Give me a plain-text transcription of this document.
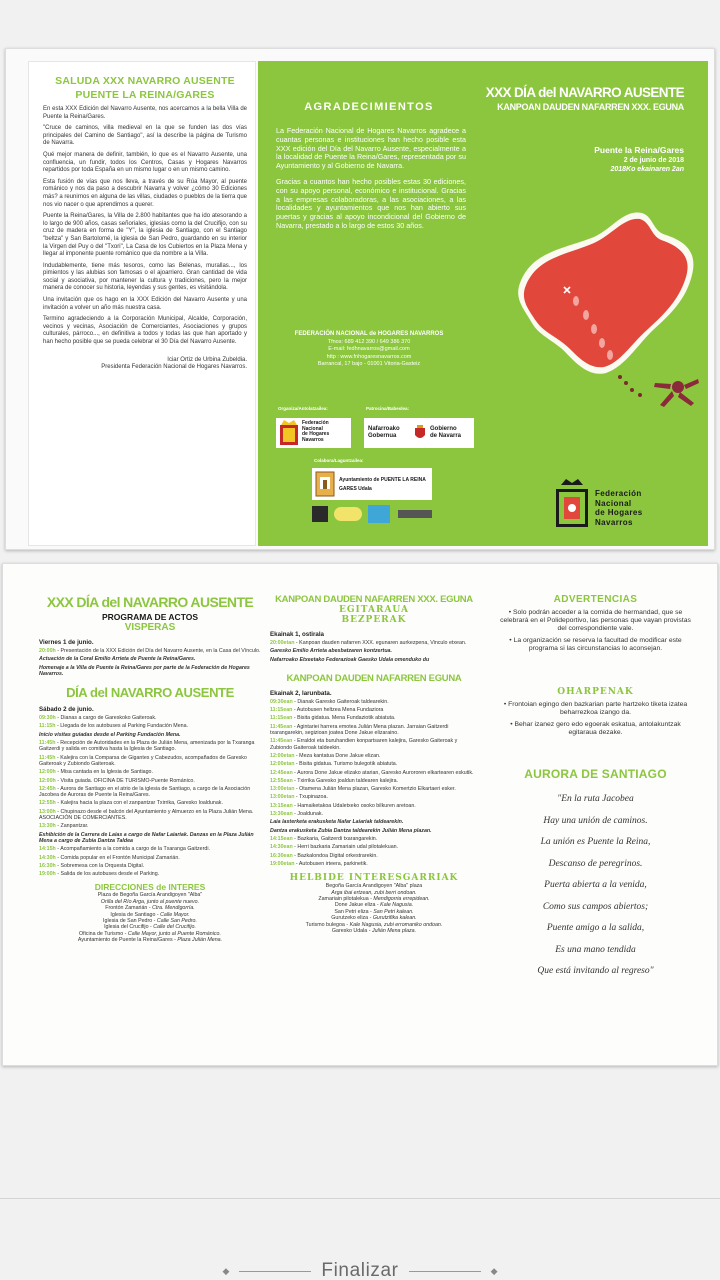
SALUDA XXX NAVARRO AUSENTE
PUENTE LA REINA/GARES

En esta XXX Edición del Navarro Ausente, nos acercamos a la bella Villa de Puente la Reina/Gares.

"Cruce de caminos, villa medieval en la que se funden las dos vías principales del Camino de Santiago", así la describe la página de Turismo de Navarra.

Qué mejor manera de definir, también, lo que es el Navarro Ausente, una confluencia, un fundir, todos los Centros, Casas y Hogares Navarros repartidos por toda España en un mismo lugar o en un mismo camino.

Esta fusión de vías que nos lleva, a través de su Rúa Mayor, al puente románico y nos da paso a descubrir Navarra y volver ¿cómo 30 Ediciones más? a reunirnos en alguna de las villas, ciudades o pueblos de la tierra que nos vio nacer o que aprendimos a querer.

Puente la Reina/Gares, la Villa de 2.800 habitantes que ha ido atesorando a lo largo de 900 años, casas señoriales, iglesias como la del Crucifijo, con su cruz de madera en forma de "Y", la iglesia de Santiago, con el Santiago "beltza" y San Bartolomé, la iglesia de San Pedro, guardando en su interior la Virgen del Puy o del "Txori", La Casa de los Cubiertos en la Plaza Mena y llegar al imponente puente románico que da nombre a la Villa.

Indudablemente, tiene más tesoros, como las Belenas, murallas..., los pimientos y las alubias son famosas o el ajoarriero. Gran cantidad de vida social y asociativa, por mantener la cultura y tradiciones, pero la mejor manera de conocer su historia, leyendas y sus gentes, es visitándola.

Una invitación que os hago en la XXX Edición del Navarro Ausente y una invitación a volver un año más nuestra casa.

Termino agradeciendo a la Corporación Municipal, Alcalde, Corporación, vecinos y vecinas, Asociación de Comerciantes, Asociaciones y grupos culturales, párroco..., en definitiva a todos y todas las que han aportado y han hecho posible que se pueda celebrar el 30 Día del Navarro Ausente.

Iciar Ortiz de Urbina Zubeldia.
Presidenta Federación Nacional de Hogares Navarros.
AGRADECIMIENTOS

La Federación Nacional de Hogares Navarros agradece a cuantas personas e instituciones han hecho posible esta XXX edición del Día del Navarro Ausente, especialmente a la localidad de Puente la Reina/Gares, representada por su Ayuntamiento y al Gobierno de Navarra.

Gracias a cuantos han hecho posibles estas 30 ediciones, con su apoyo personal, económico e institucional. Gracias a las empresas colaboradoras, a las asociaciones, a las localidades y ayuntamientos que nos han abierto sus puertas y gracias al apoyo incondicional del Gobierno de Navarra, prestado a lo largo de estos 30 años.

FEDERACIÓN NACIONAL de HOGARES NAVARROS
Tfnos: 689 412 390 / 649 386 370
E-mail: fedhnavarros@gmail.com
http : www.fnhogaresnavarros.com
Barrancal, 17 bajo - 01001 Vitoria-Gasteiz
Organiza/Antolatzailea:	Patrocina/Babeslea:
Federación
Nacional
de Hogares
Navarros
Nafarroako
Gobernua
Gobierno
de Navarra
Colabora/Laguntzailea:
Ayuntamiento de PUENTE LA REINA
GARES Udala
XXX DÍA del NAVARRO AUSENTE
KANPOAN DAUDEN NAFARREN XXX. EGUNA
Puente la Reina/Gares
2 de junio de 2018
2018Ko ekainaren 2an
Federación
Nacional
de Hogares
Navarros
XXX DÍA del NAVARRO AUSENTE
PROGRAMA DE ACTOS
VISPERAS
Viernes 1 de junio.
20:00h - Presentación de la XXX Edición del Día del Navarro Ausente, en la Casa del Vínculo.
Actuación de la Coral Emilio Arrieta de Puente la Reina/Gares.
Homenaje a la Villa de Puente la Reina/Gares por parte de la Federación de Hogares Navarros.
DÍA del NAVARRO AUSENTE
Sábado 2 de junio.
09:30h - Dianas a cargo de Gareskoko Gaiteroak.
11:15h - Llegada de los autobuses al Parking Fundación Mena.
Inicio visitas guiadas desde el Parking Fundación Mena.
11:45h - Recepción de Autoridades en la Plaza de Julián Mena, amenizada por la Txaranga Gaitzerdi y salida en comitiva hasta la Iglesia de Santiago.
11:45h - Kalejira con la Comparsa de Gigantes y Cabezudos, acompañados de Garesko Gaiteroak y Zubiondo Gaiteroak.
12:00h - Misa cantada en la Iglesia de Santiago.
12:00h - Visita guiada. OFICINA DE TURISMO-Puente Románico.
12:45h - Aurora de Santiago en el atrio de la iglesia de Santiago, a cargo de la Asociación Jacobea de Auroras de Puente la Reina/Gares.
12:55h - Kalejira hacia la plaza con el zanpantzar Txirrika, Garesko Ioaldunak.
13:00h - Chupinazo desde el balcón del Ayuntamiento y Almuerzo en la Plaza Julián Mena. ASOCIACIÓN DE COMERCIANTES.
13:30h - Zanpantzar.
Exhibición de la Carrera de Laias a cargo de Nafar Laiariak. Danzas en la Plaza Julián Mena a cargo de Zubia Dantza Taldea
14:15h - Acompañamiento a la comida a cargo de la Txaranga Gaitzerdi.
14:30h - Comida popular en el Frontón Municipal Zamarián.
16:30h - Sobremesa con la Orquesta Digital.
19:00h - Salida de los autobuses desde el Parking.
DIRECCIONES de INTERES
Plaza de Begoña García Arandigoyen "Alba"
Orilla del Río Arga, junto al puente nuevo.
Frontón Zamarián - Ctra. Mendigorría.
Iglesia de Santiago - Calle Mayor.
Iglesia de San Pedro - Calle San Pedro.
Iglesia del Crucifijo - Calle del Crucifijo.
Oficina de Turismo - Calle Mayor, junto al Puente Románico.
Ayuntamiento de Puente la Reina/Gares - Plaza Julián Mena.
KANPOAN DAUDEN NAFARREN XXX. EGUNA
EGITARAUA
BEZPERAK
Ekainak 1, ostirala
20:00etan - Kanpoan dauden nafarren XXX. egunaren aurkezpena, Vinculo etxean.
Garesko Emilio Arrieta abesbatzaren kontzertua.
Nafarroako Etxeetako Federazioak Gaesko Udala omenduko du
KANPOAN DAUDEN NAFARREN EGUNA
Ekainak 2, larunbata.
09:30ean - Dianak Garesko Gaiteroak taldearekin.
11:15ean - Autobusen heltzea Mena Fundaziora
11:15ean - Bisita gidatua. Mena Fundaziotik abiatuta.
11:45ean - Agintariei harrera emotea Julián Mena plazan. Jarraian Gaitzerdi txarangarekin, segizioan joatea Done Jakue elizaraino.
11:45ean - Erraldoi eta buruhandien konpartsaren kalejira, Garesko Gaiteroak y Zubiondo Gaiteroak taldeekin.
12:00etan - Meza kantatua Done Jakue elizan.
12:00etan - Bisita gidatua. Turismo bulegotik abiatuta.
12:45ean - Aurora Done Jakue elizako atarian, Garesko Aurororen elkartearen eskutik.
12:55ean - Txirrika Garesko joaldun taldearen kalejira.
13:00etan - Otamena Julián Mena plazan, Garesko Komertzio Elkartaeri esker.
13:00etan - Txupinazoa.
13:15ean - Hamaiketakoa Udaletxeko osoko bilkuren aretoan.
13:30ean - Joaldunak.
Laia lasterketa erakusketa Nafar Laiariak taldearekin.
Dantza erakusketa Zubia Dantza taldearekin Julián Mena plazan.
14:15ean - Bazkaria, Gaitzerdi txarangarekin.
14:30ean - Herri bazkaria Zamariain udal pilotalekuan.
16:30ean - Bazkalondoa Digital orkestrarekin.
19:00etan - Autobusen irteera, parkinetik.
HELBIDE INTERESGARRIAK
Begoña García Arandigoyen "Alba" plaza
Arga ibai ertzean, zubi berri ondoan.
Zamariain pilotalekua - Mendigorria errepidean.
Done Jakue eliza - Kale Nagusia.
San Petri eliza - San Petri kalean.
Gurutzeko eliza - Gurutzifika kalean.
Turismo bulegoa - Kale Nagusia, zubi erromaniko ondoan.
Garesko Udala - Julián Mena plaza.
ADVERTENCIAS
• Solo podrán acceder a la comida de hermandad, que se celebrará en el Polideportivo, las personas que vayan provistas del correspondiente vale.
• La organización se reserva la facultad de modificar este programa si las circunstancias lo aconsejan.
OHARPENAK
• Frontoian egingo den bazkarian parte hartzeko tiketa izatea beharrezkoa izango da.
• Behar izanez gero edo egoerak eskatua, antolakuntzak egitaraua dezake.
AURORA DE SANTIAGO
"En la ruta Jacobea
Hay una unión de caminos.
La unión es Puente la Reina,
Descanso de peregrinos.
Puerta abierta a la venida,
Como sus campos abiertos;
Puente amigo a la salida,
Es una mano tendida
Que está invitando al regreso"
◆	Finalizar	◆
